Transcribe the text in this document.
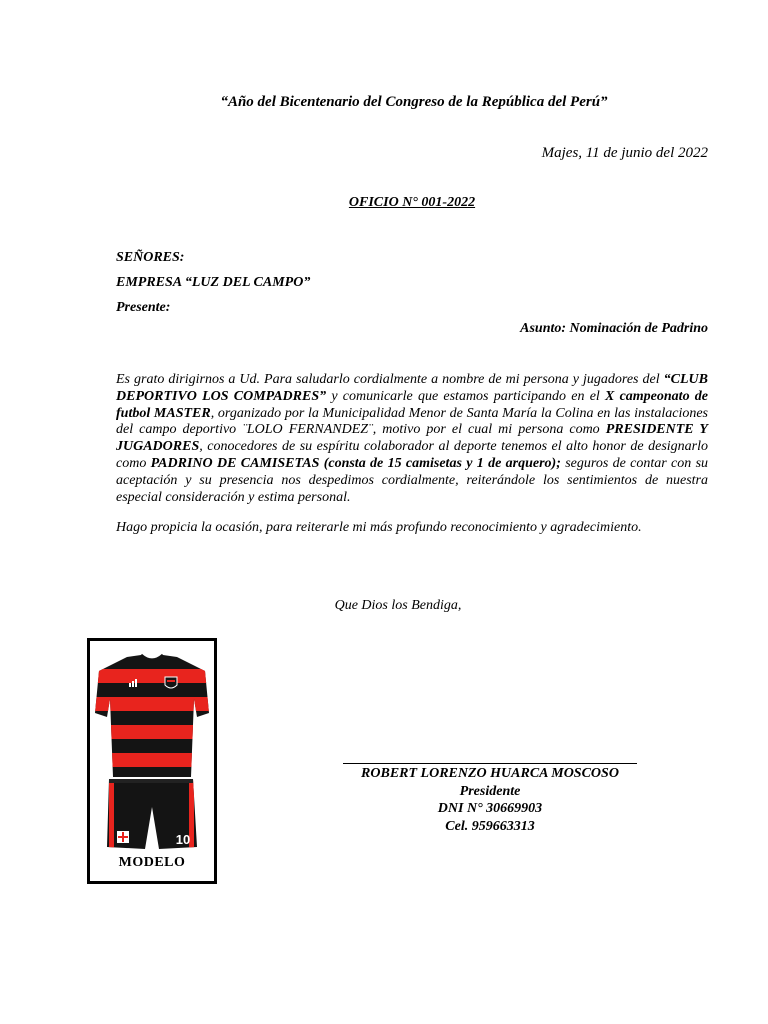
“Año del Bicentenario del Congreso de la República del Perú”
Majes, 11 de junio del 2022
OFICIO N° 001-2022
SEÑORES:
EMPRESA “LUZ DEL CAMPO”
Presente:
Asunto: Nominación de Padrino

Es grato dirigirnos a Ud. Para saludarlo cordialmente a nombre de mi persona y jugadores del “CLUB DEPORTIVO LOS COMPADRES” y comunicarle que estamos participando en el X campeonato de futbol MASTER, organizado por la Municipalidad Menor de Santa María la Colina en las instalaciones del campo deportivo ¨LOLO FERNANDEZ¨, motivo por el cual mi persona como PRESIDENTE Y JUGADORES, conocedores de su espíritu colaborador al deporte tenemos el alto honor de designarlo como PADRINO DE CAMISETAS (consta de 15 camisetas y 1 de arquero); seguros de contar con su aceptación y su presencia nos despedimos cordialmente, reiterándole los sentimientos de nuestra especial consideración y estima personal.

Hago propicia la ocasión, para reiterarle mi más profundo reconocimiento y agradecimiento.

Que Dios los Bendiga,
ROBERT LORENZO HUARCA MOSCOSO
Presidente
DNI N° 30669903
Cel. 959663313
10
MODELO
